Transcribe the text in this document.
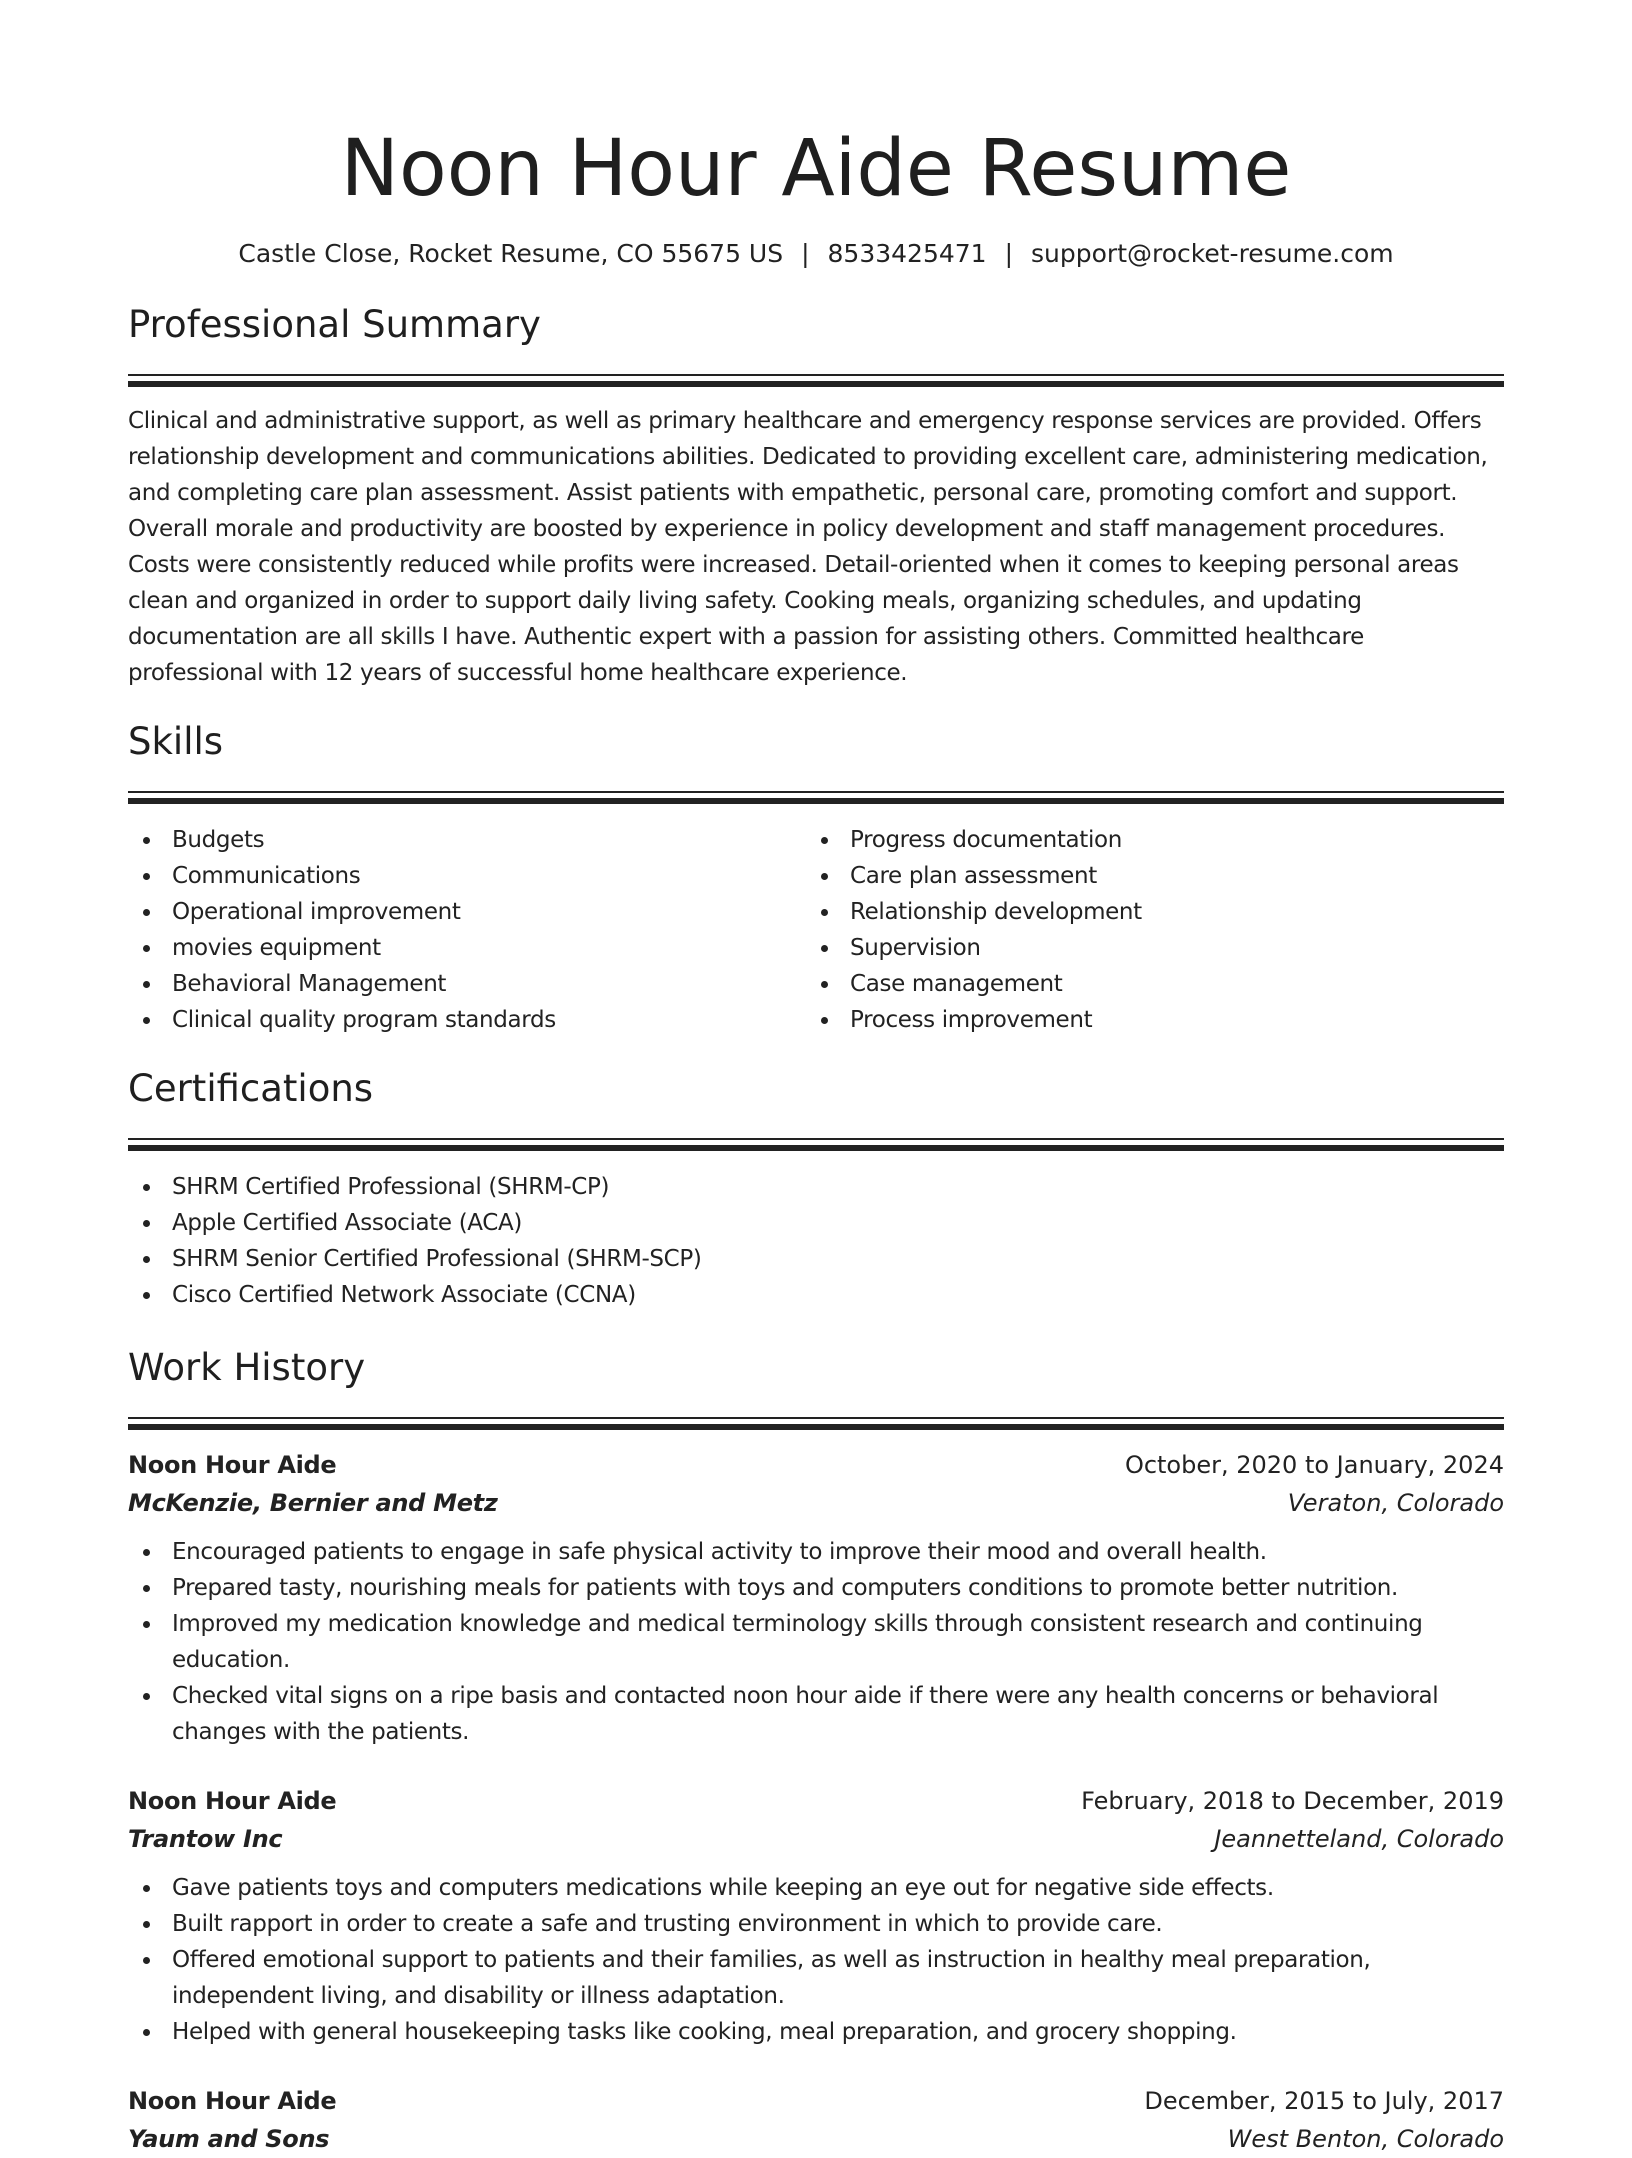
Noon Hour Aide Resume
Castle Close, Rocket Resume, CO 55675 US | 8533425471 | support@rocket-resume.com
Professional Summary

Clinical and administrative support, as well as primary healthcare and emergency response services are provided. Offers relationship development and communications abilities. Dedicated to providing excellent care, administering medication, and completing care plan assessment. Assist patients with empathetic, personal care, promoting comfort and support. Overall morale and productivity are boosted by experience in policy development and staff management procedures. Costs were consistently reduced while profits were increased. Detail-oriented when it comes to keeping personal areas clean and organized in order to support daily living safety. Cooking meals, organizing schedules, and updating documentation are all skills I have. Authentic expert with a passion for assisting others. Committed healthcare professional with 12 years of successful home healthcare experience.

Skills
Budgets
Communications
Operational improvement
movies equipment
Behavioral Management
Clinical quality program standards
Progress documentation
Care plan assessment
Relationship development
Supervision
Case management
Process improvement
Certifications
SHRM Certified Professional (SHRM-CP)
Apple Certified Associate (ACA)
SHRM Senior Certified Professional (SHRM-SCP)
Cisco Certified Network Associate (CCNA)
Work History
Noon Hour Aide	October, 2020 to January, 2024
McKenzie, Bernier and Metz	Veraton, Colorado
Encouraged patients to engage in safe physical activity to improve their mood and overall health.
Prepared tasty, nourishing meals for patients with toys and computers conditions to promote better nutrition.
Improved my medication knowledge and medical terminology skills through consistent research and continuing education.
Checked vital signs on a ripe basis and contacted noon hour aide if there were any health concerns or behavioral changes with the patients.
Noon Hour Aide	February, 2018 to December, 2019
Trantow Inc	Jeannetteland, Colorado
Gave patients toys and computers medications while keeping an eye out for negative side effects.
Built rapport in order to create a safe and trusting environment in which to provide care.
Offered emotional support to patients and their families, as well as instruction in healthy meal preparation, independent living, and disability or illness adaptation.
Helped with general housekeeping tasks like cooking, meal preparation, and grocery shopping.
Noon Hour Aide	December, 2015 to July, 2017
Yaum and Sons	West Benton, Colorado
